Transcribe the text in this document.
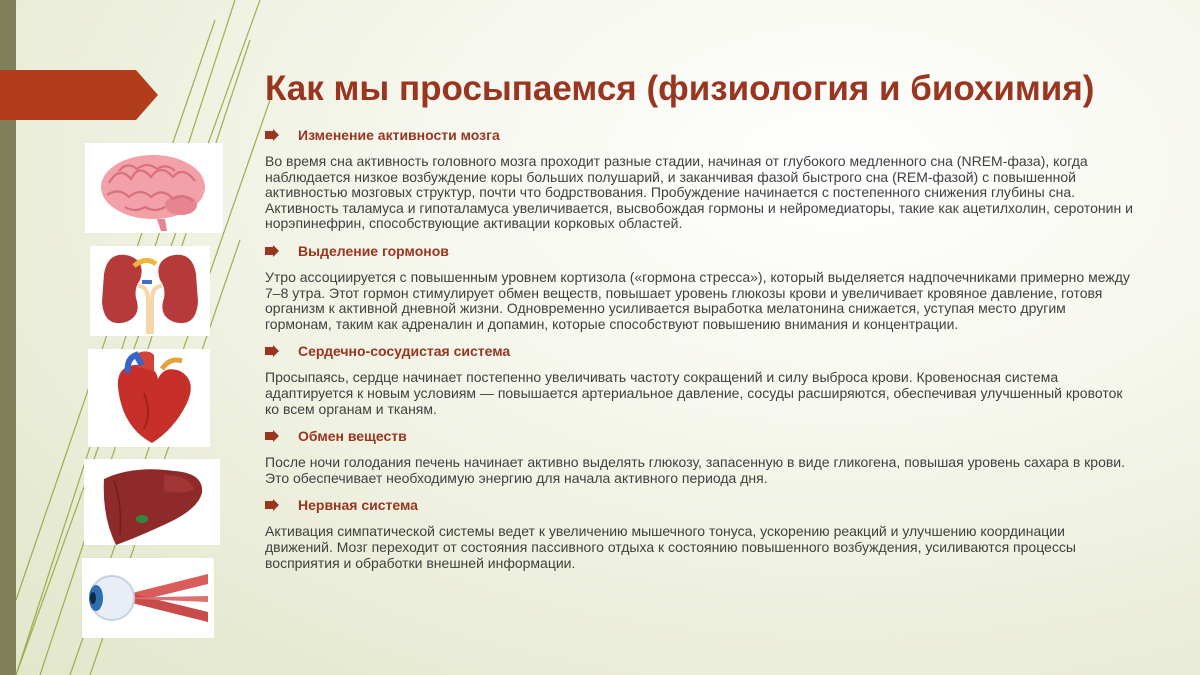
Как мы просыпаемся (физиология и биохимия)
Изменение активности мозга

Во время сна активность головного мозга проходит разные стадии, начиная от глубокого медленного сна (NREM-фаза), когда наблюдается низкое возбуждение коры больших полушарий, и заканчивая фазой быстрого сна (REM-фазой) с повышенной активностью мозговых структур, почти что бодрствования. Пробуждение начинается с постепенного снижения глубины сна. Активность таламуса и гипоталамуса увеличивается, высвобождая гормоны и нейромедиаторы, такие как ацетилхолин, серотонин и норэпинефрин, способствующие активации корковых областей.

Выделение гормонов

Утро ассоциируется с повышенным уровнем кортизола («гормона стресса»), который выделяется надпочечниками примерно между 7–8 утра. Этот гормон стимулирует обмен веществ, повышает уровень глюкозы крови и увеличивает кровяное давление, готовя организм к активной дневной жизни. Одновременно усиливается выработка мелатонина снижается, уступая место другим гормонам, таким как адреналин и допамин, которые способствуют повышению внимания и концентрации.

Сердечно-сосудистая система

Просыпаясь, сердце начинает постепенно увеличивать частоту сокращений и силу выброса крови. Кровеносная система адаптируется к новым условиям — повышается артериальное давление, сосуды расширяются, обеспечивая улучшенный кровоток ко всем органам и тканям.

Обмен веществ

После ночи голодания печень начинает активно выделять глюкозу, запасенную в виде гликогена, повышая уровень сахара в крови. Это обеспечивает необходимую энергию для начала активного периода дня.

Нервная система

Активация симпатической системы ведет к увеличению мышечного тонуса, ускорению реакций и улучшению координации движений. Мозг переходит от состояния пассивного отдыха к состоянию повышенного возбуждения, усиливаются процессы восприятия и обработки внешней информации.
